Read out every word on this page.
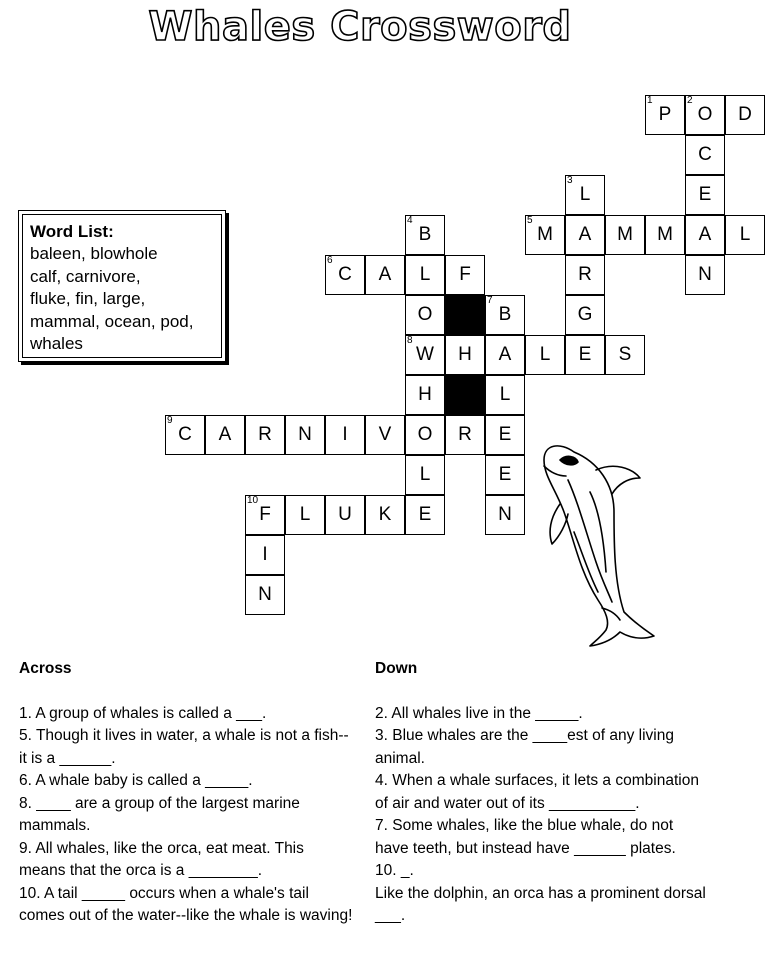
Whales Crossword
Word List:
baleen, blowhole
calf, carnivore,
fluke, fin, large,
mammal, ocean, pod,
whales
1
P
2
O	D
C
3
L	E
4
B
5
M	A	M	M	A	L
6
C	A	L	F	R	N
O
7
B	G
8
W	H	A	L	E	S
H	L
9
C	A	R	N	I	V	O	R	E
L	E
10
F	L	U	K	E	N
I
N
Across

1. A group of whales is called a ___.

5. Though it lives in water, a whale is not a fish--it is a ______.

6. A whale baby is called a _____.

8. ____ are a group of the largest marine mammals.

9. All whales, like the orca, eat meat. This means that the orca is a ________.

10. A tail _____ occurs when a whale's tail comes out of the water--like the whale is waving!

Down

2. All whales live in the _____.

3. Blue whales are the ____est of any living animal.

4. When a whale surfaces, it lets a combination of air and water out of its __________.

7. Some whales, like the blue whale, do not have teeth, but instead have ______ plates.

10. _.

Like the dolphin, an orca has a prominent dorsal ___.
